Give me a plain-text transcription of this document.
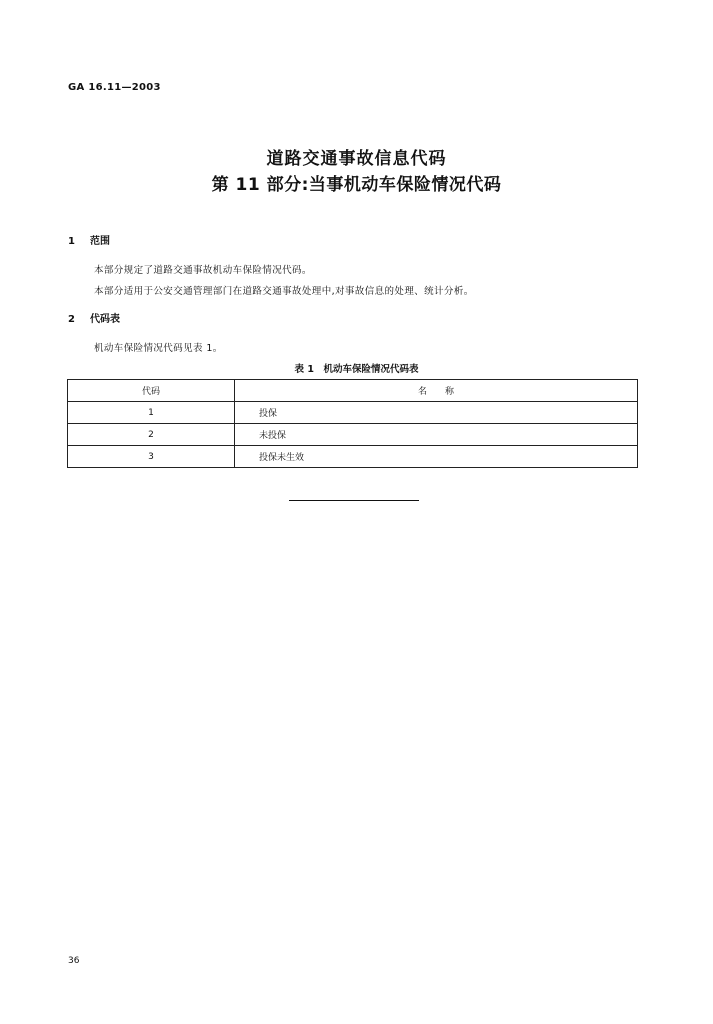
GA 16.11—2003
道路交通事故信息代码
第 11 部分:当事机动车保险情况代码
1 范围
本部分规定了道路交通事故机动车保险情况代码。
本部分适用于公安交通管理部门在道路交通事故处理中,对事故信息的处理、统计分析。
2 代码表
机动车保险情况代码见表 1。
表 1　机动车保险情况代码表
代码	名　　称
1	投保
2	未投保
3	投保未生效
36
